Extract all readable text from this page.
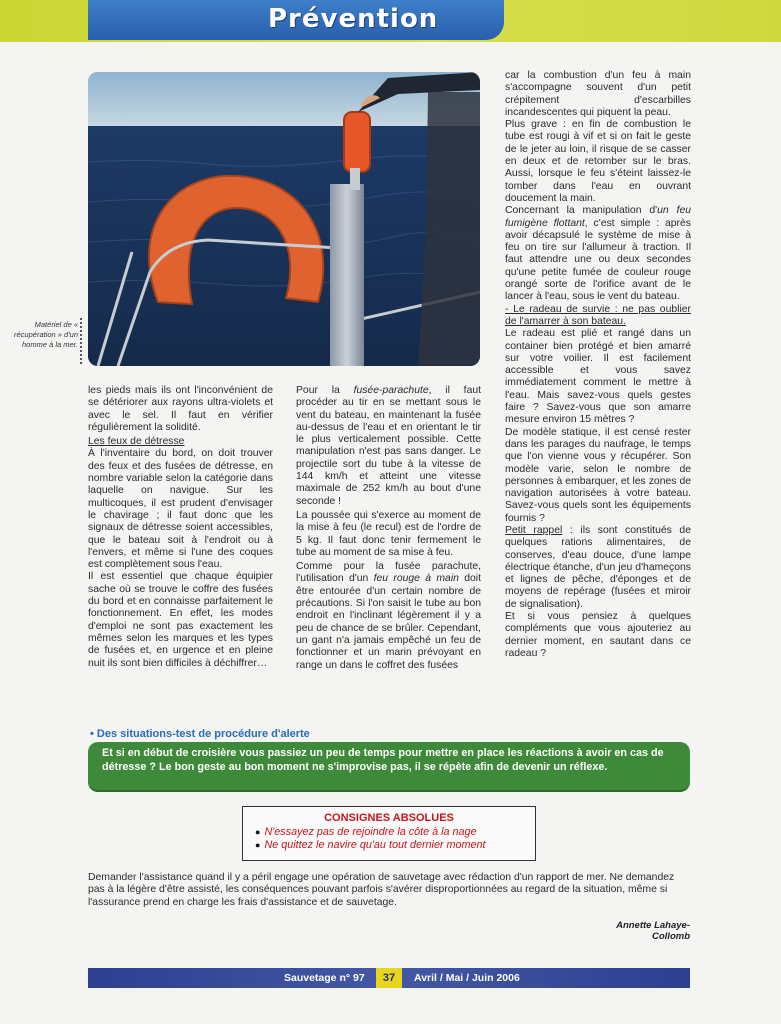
Prévention
Matériel de « récupération » d'un homme à la mer.

les pieds mais ils ont l'inconvénient de se détériorer aux rayons ultra-violets et avec le sel. Il faut en vérifier régulièrement la solidité.

Les feux de détresse

À l'inventaire du bord, on doit trouver des feux et des fusées de détresse, en nombre variable selon la catégorie dans laquelle on navigue. Sur les multicoques, il est prudent d'envisager le chavirage ; il faut donc que les signaux de détresse soient accessibles, que le bateau soit à l'endroit ou à l'envers, et même si l'une des coques est complètement sous l'eau.

Il est essentiel que chaque équipier sache où se trouve le coffre des fusées du bord et en connaisse parfaitement le fonctionnement. En effet, les modes d'emploi ne sont pas exactement les mêmes selon les marques et les types de fusées et, en urgence et en pleine nuit ils sont bien difficiles à déchiffrer…

Pour la fusée-parachute, il faut procéder au tir en se mettant sous le vent du bateau, en maintenant la fusée au-dessus de l'eau et en orientant le tir le plus verticalement possible. Cette manipulation n'est pas sans danger. Le projectile sort du tube à la vitesse de 144 km/h et atteint une vitesse maximale de 252 km/h au bout d'une seconde !

La poussée qui s'exerce au moment de la mise à feu (le recul) est de l'ordre de 5 kg. Il faut donc tenir fermement le tube au moment de sa mise à feu.

Comme pour la fusée parachute, l'utilisation d'un feu rouge à main doit être entourée d'un certain nombre de précautions. Si l'on saisit le tube au bon endroit en l'inclinant légèrement il y a peu de chance de se brûler. Cependant, un gant n'a jamais empêché un feu de fonctionner et un marin prévoyant en range un dans le coffret des fusées

car la combustion d'un feu à main s'accompagne souvent d'un petit crépitement d'escarbilles incandescentes qui piquent la peau.

Plus grave : en fin de combustion le tube est rougi à vif et si on fait le geste de le jeter au loin, il risque de se casser en deux et de retomber sur le bras. Aussi, lorsque le feu s'éteint laissez-le tomber dans l'eau en ouvrant doucement la main.

Concernant la manipulation d'un feu fumigène flottant, c'est simple : après avoir décapsulé le système de mise à feu on tire sur l'allumeur à traction. Il faut attendre une ou deux secondes qu'une petite fumée de couleur rouge orangé sorte de l'orifice avant de le lancer à l'eau, sous le vent du bateau.

- Le radeau de survie : ne pas oublier de l'amarrer à son bateau.

Le radeau est plié et rangé dans un container bien protégé et bien amarré sur votre voilier. Il est facilement accessible et vous savez immédiatement comment le mettre à l'eau. Mais savez-vous quels gestes faire ? Savez-vous que son amarre mesure environ 15 mètres ?

De modèle statique, il est censé rester dans les parages du naufrage, le temps que l'on vienne vous y récupérer. Son modèle varie, selon le nombre de personnes à embarquer, et les zones de navigation autorisées à votre bateau. Savez-vous quels sont les équipements fournis ?

Petit rappel : ils sont constitués de quelques rations alimentaires, de conserves, d'eau douce, d'une lampe électrique étanche, d'un jeu d'hameçons et lignes de pêche, d'éponges et de moyens de repérage (fusées et miroir de signalisation).

Et si vous pensiez à quelques compléments que vous ajouteriez au dernier moment, en sautant dans ce radeau ?

• Des situations-test de procédure d'alerte
Et si en début de croisière vous passiez un peu de temps pour mettre en place les réactions à avoir en cas de détresse ? Le bon geste au bon moment ne s'improvise pas, il se répète afin de devenir un réflexe.
CONSIGNES ABSOLUES
● N'essayez pas de rejoindre la côte à la nage
● Ne quittez le navire qu'au tout dernier moment
Demander l'assistance quand il y a péril engage une opération de sauvetage avec rédaction d'un rapport de mer. Ne demandez pas à la légère d'être assisté, les conséquences pouvant parfois s'avérer disproportionnées au regard de la situation, même si l'assurance prend en charge les frais d'assistance et de sauvetage.
Annette Lahaye-Collomb
Sauvetage n° 97	37	Avril / Mai / Juin 2006
